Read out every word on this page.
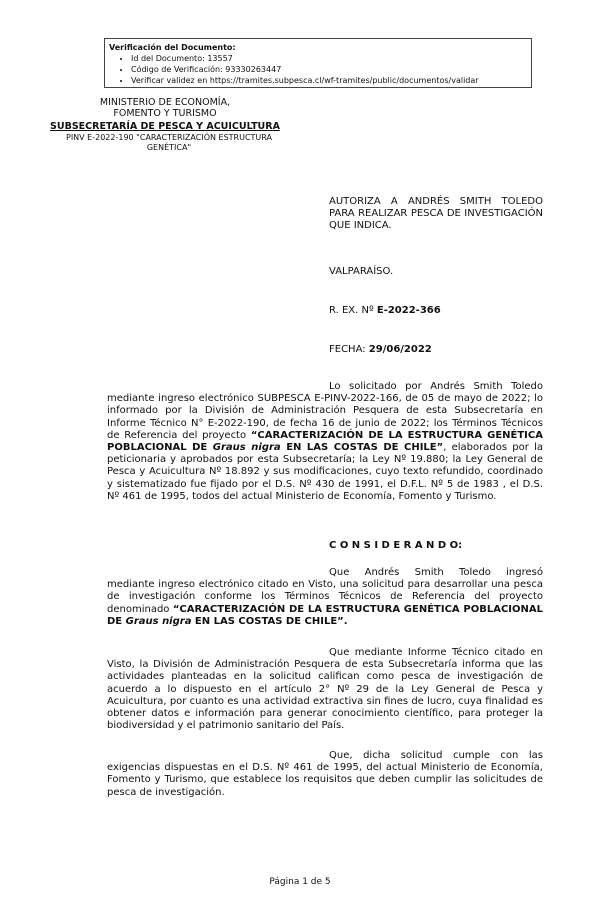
Verificación del Documento:
• Id del Documento: 13557
• Código de Verificación: 93330263447
• Verificar validez en https://tramites.subpesca.cl/wf-tramites/public/documentos/validar
MINISTERIO DE ECONOMÍA,
FOMENTO Y TURISMO
SUBSECRETARÍA DE PESCA Y ACUICULTURA
PINV E-2022-190 "CARACTERIZACIÓN ESTRUCTURA GENÉTICA"
AUTORIZA A ANDRÉS SMITH TOLEDO PARA REALIZAR PESCA DE INVESTIGACIÓN QUE INDICA.
VALPARAÍSO.
R. EX. Nº E-2022-366
FECHA: 29/06/2022

Lo solicitado por Andrés Smith Toledo mediante ingreso electrónico SUBPESCA E-PINV-2022-166, de 05 de mayo de 2022; lo informado por la División de Administración Pesquera de esta Subsecretaría en Informe Técnico N° E-2022-190, de fecha 16 de junio de 2022; los Términos Técnicos de Referencia del proyecto “CARACTERIZACIÓN DE LA ESTRUCTURA GENÉTICA POBLACIONAL DE Graus nigra EN LAS COSTAS DE CHILE”, elaborados por la peticionaria y aprobados por esta Subsecretaría; la Ley Nº 19.880; la Ley General de Pesca y Acuicultura Nº 18.892 y sus modificaciones, cuyo texto refundido, coordinado y sistematizado fue fijado por el D.S. Nº 430 de 1991, el D.F.L. Nº 5 de 1983 , el D.S. Nº 461 de 1995, todos del actual Ministerio de Economía, Fomento y Turismo.

C O N S I D E R A N D O:

Que Andrés Smith Toledo ingresó mediante ingreso electrónico citado en Visto, una solicitud para desarrollar una pesca de investigación conforme los Términos Técnicos de Referencia del proyecto denominado “CARACTERIZACIÓN DE LA ESTRUCTURA GENÉTICA POBLACIONAL DE Graus nigra EN LAS COSTAS DE CHILE”.

Que mediante Informe Técnico citado en Visto, la División de Administración Pesquera de esta Subsecretaría informa que las actividades planteadas en la solicitud califican como pesca de investigación de acuerdo a lo dispuesto en el artículo 2° Nº 29 de la Ley General de Pesca y Acuicultura, por cuanto es una actividad extractiva sin fines de lucro, cuya finalidad es obtener datos e información para generar conocimiento científico, para proteger la biodiversidad y el patrimonio sanitario del País.

Que, dicha solicitud cumple con las exigencias dispuestas en el D.S. Nº 461 de 1995, del actual Ministerio de Economía, Fomento y Turismo, que establece los requisitos que deben cumplir las solicitudes de pesca de investigación.

Página 1 de 5
